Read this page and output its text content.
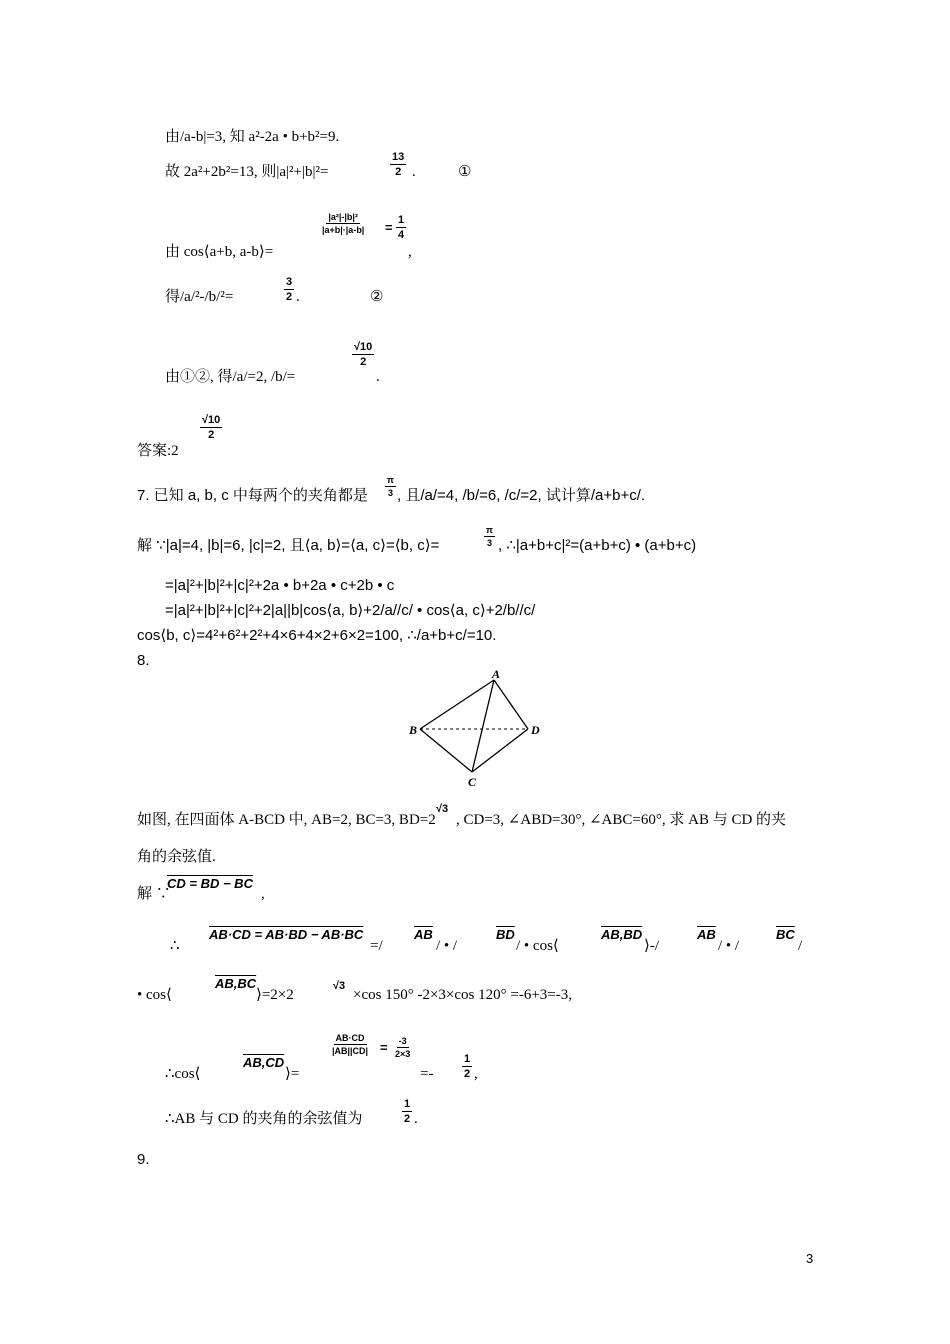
由/a-b|=3, 知 a²-2a • b+b²=9.
故 2a²+2b²=13, 则|a|²+|b|²=	$\frac{13}{2}$ .	①
$\frac{\text{|a²|-|b|²}}{|a+b|\cdot|a-b|} = \frac{1}{4}$
由 cos⟨a+b, a-b⟩=	,
得/a/²-/b/²=	$\frac{3}{2}$ .	②
$\frac{√10}{2}$
由①②, 得/a/=2, /b/=	.
$\frac{√10}{2}$
答案:2
7. 已知 a, b, c 中每两个的夹角都是 $\frac{\pi}{3}$ , 且/a/=4, /b/=6, /c/=2, 试计算/a+b+c/.
解 ∵|a|=4, |b|=6, |c|=2, 且⟨a, b⟩=⟨a, c⟩=⟨b, c⟩=	$\frac{\pi}{3}$ , ∴|a+b+c|²=(a+b+c) • (a+b+c)
=|a|²+|b|²+|c|²+2a • b+2a • c+2b • c
=|a|²+|b|²+|c|²+2|a||b|cos⟨a, b⟩+2/a//c/ • cos⟨a, c⟩+2/b//c/
cos⟨b, c⟩=4²+6²+2²+4×6+4×2+6×2=100, ∴/a+b+c/=10.
8.
A
B	D
C
如图, 在四面体 A-BCD 中, AB=2, BC=3, BD=2
√3
, CD=3, ∠ABD=30°, ∠ABC=60°, 求 AB 与 CD 的夹
角的余弦值.
解 ∵
CD = BD − BC
,
∴
AB·CD = AB·BD − AB·BC
=/
$\overline{AB}$
/ • /
$\overline{BD}$
/ • cos⟨
AB,BD
⟩-/
$\overline{AB}$
/ • /
$\overline{BC}$
/
• cos⟨
AB,BC
⟩=2×2
√3
×cos 150° -2×3×cos 120° =-6+3=-3,
$\frac{AB\cdot CD}{|AB||CD|} = \frac{-3}{2\times 3}$
∴cos⟨
AB,CD
⟩=	=-	$\frac{1}{2}$ ,
∴AB 与 CD 的夹角的余弦值为	$\frac{1}{2}$ .
9.
3
